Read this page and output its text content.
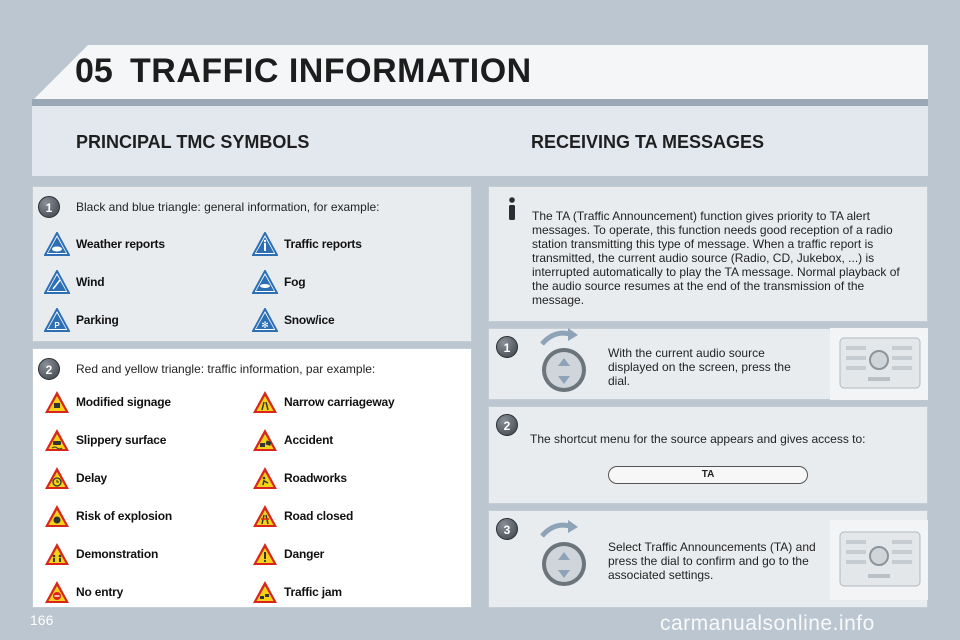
05 TRAFFIC INFORMATION
PRINCIPAL TMC SYMBOLS	RECEIVING TA MESSAGES
1	Black and blue triangle: general information, for example:
Weather reports	Traffic reports
Wind	Fog
P Parking	✻ Snow/ice
2	Red and yellow triangle: traffic information, par example:
Modified signage	Narrow carriageway
Slippery surface	Accident
Delay	Roadworks
Risk of explosion	Road closed
Demonstration	Danger
No entry	Traffic jam
The TA (Traffic Announcement) function gives priority to TA alert messages. To operate, this function needs good reception of a radio station transmitting this type of message. When a traffic report is transmitted, the current audio source (Radio, CD, Jukebox, ...) is interrupted automatically to play the TA message. Normal playback of the audio source resumes at the end of the transmission of the message.
1	With the current audio source displayed on the screen, press the dial.
2
The shortcut menu for the source appears and gives access to:
TA
3
Select Traffic Announcements (TA) and press the dial to confirm and go to the associated settings.
166	carmanualsonline.info
